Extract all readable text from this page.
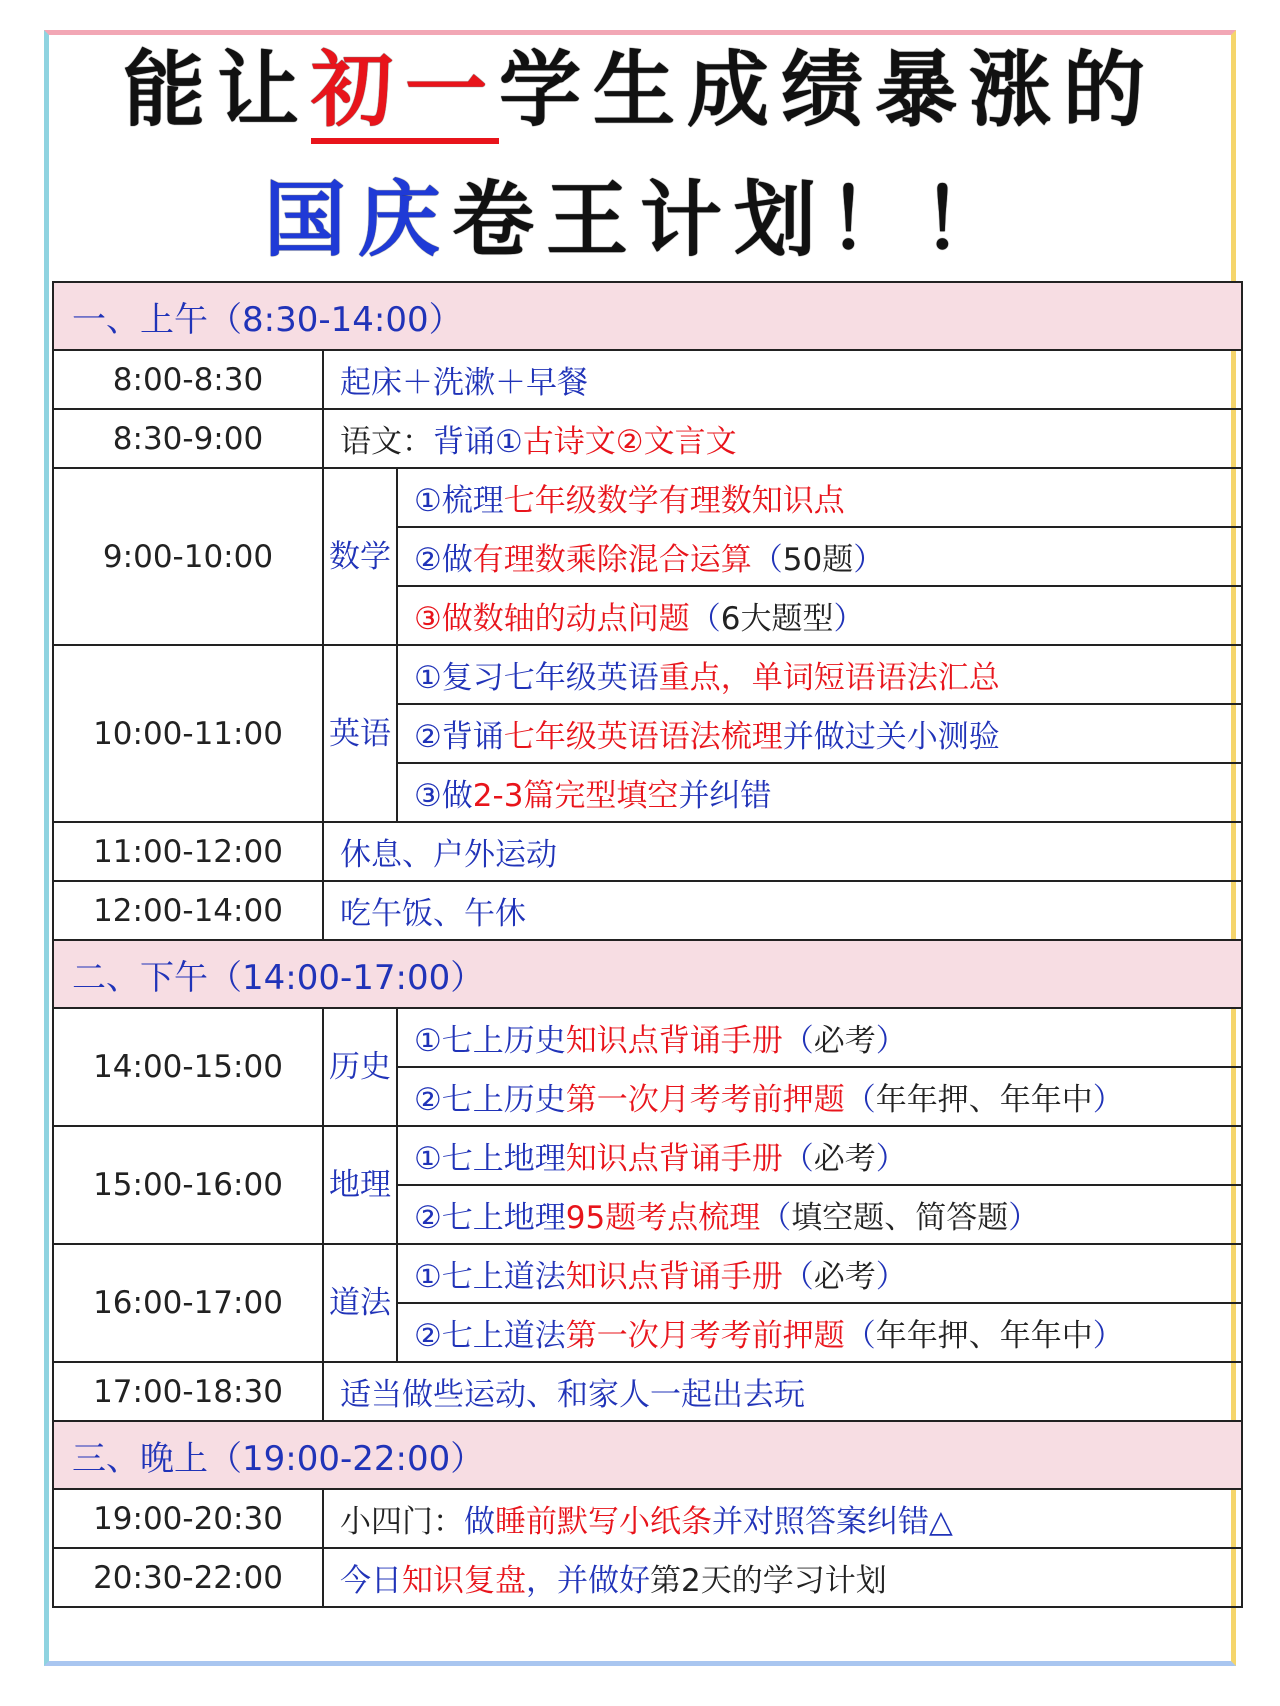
能让初一学生成绩暴涨的
国庆卷王计划！！
一、上午（8:30-14:00）		
8:00-8:30	起床＋洗漱＋早餐	
8:30-9:00	语文：背诵①古诗文②文言文	
9:00-10:00	数学	①梳理七年级数学有理数知识点
		②做有理数乘除混合运算（50题）
		③做数轴的动点问题（6大题型）
10:00-11:00	英语	①复习七年级英语重点，单词短语语法汇总
		②背诵七年级英语语法梳理并做过关小测验
		③做2-3篇完型填空并纠错
11:00-12:00	休息、户外运动	
12:00-14:00	吃午饭、午休	
二、下午（14:00-17:00）		
14:00-15:00	历史	①七上历史知识点背诵手册（必考）
		②七上历史第一次月考考前押题（年年押、年年中）
15:00-16:00	地理	①七上地理知识点背诵手册（必考）
		②七上地理95题考点梳理（填空题、简答题）
16:00-17:00	道法	①七上道法知识点背诵手册（必考）
		②七上道法第一次月考考前押题（年年押、年年中）
17:00-18:30	适当做些运动、和家人一起出去玩	
三、晚上（19:00-22:00）		
19:00-20:30	小四门：做睡前默写小纸条并对照答案纠错△	
20:30-22:00	今日知识复盘，并做好第2天的学习计划	
